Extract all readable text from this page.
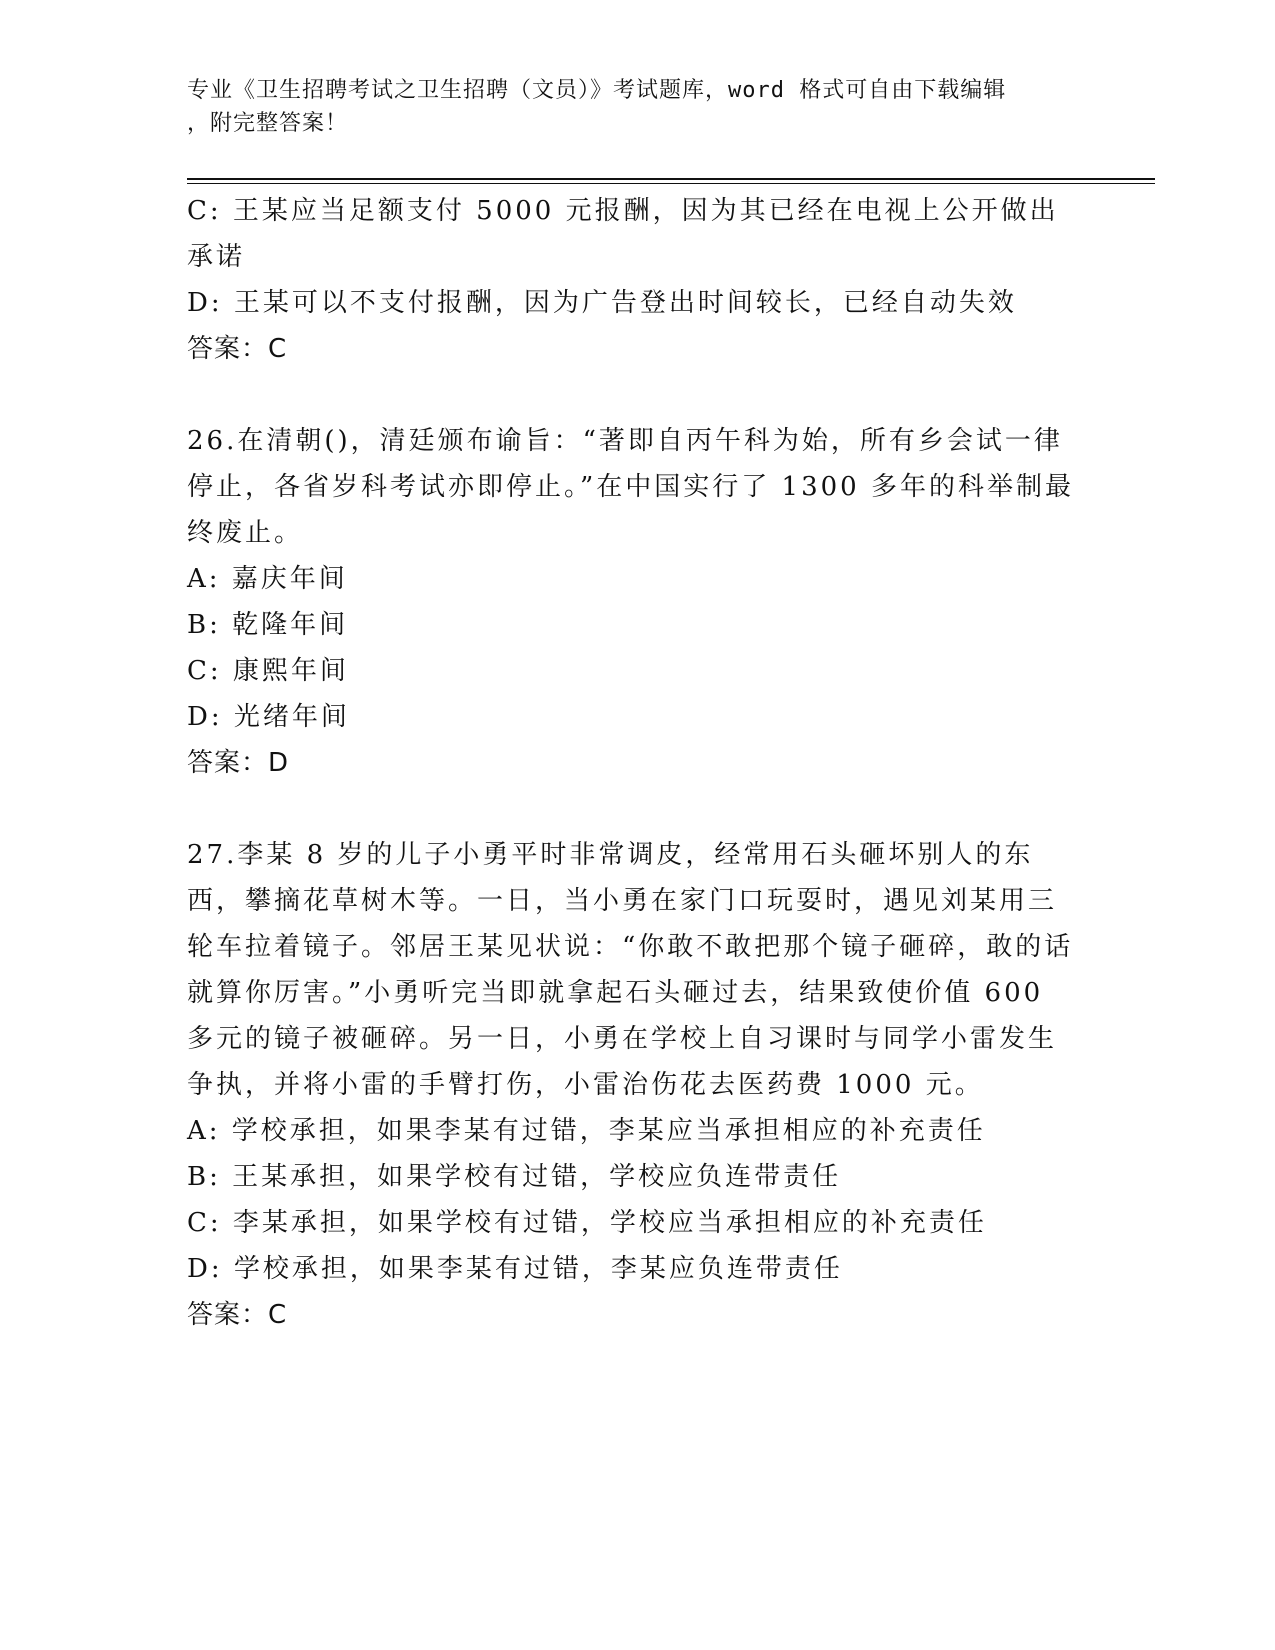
专业《卫生招聘考试之卫生招聘（文员）》考试题库，word 格式可自由下载编辑
，附完整答案！

C: 王某应当足额支付 5000 元报酬，因为其已经在电视上公开做出承诺

D: 王某可以不支付报酬，因为广告登出时间较长，已经自动失效

答案：C

26.在清朝()，清廷颁布谕旨：“著即自丙午科为始，所有乡会试一律停止，各省岁科考试亦即停止。”在中国实行了 1300 多年的科举制最终废止。

A: 嘉庆年间

B: 乾隆年间

C: 康熙年间

D: 光绪年间

答案：D

27.李某 8 岁的儿子小勇平时非常调皮，经常用石头砸坏别人的东西，攀摘花草树木等。一日，当小勇在家门口玩耍时，遇见刘某用三轮车拉着镜子。邻居王某见状说：“你敢不敢把那个镜子砸碎，敢的话就算你厉害。”小勇听完当即就拿起石头砸过去，结果致使价值 600 多元的镜子被砸碎。另一日，小勇在学校上自习课时与同学小雷发生争执，并将小雷的手臂打伤，小雷治伤花去医药费 1000 元。

A: 学校承担，如果李某有过错，李某应当承担相应的补充责任

B: 王某承担，如果学校有过错，学校应负连带责任

C: 李某承担，如果学校有过错，学校应当承担相应的补充责任

D: 学校承担，如果李某有过错，李某应负连带责任

答案：C
